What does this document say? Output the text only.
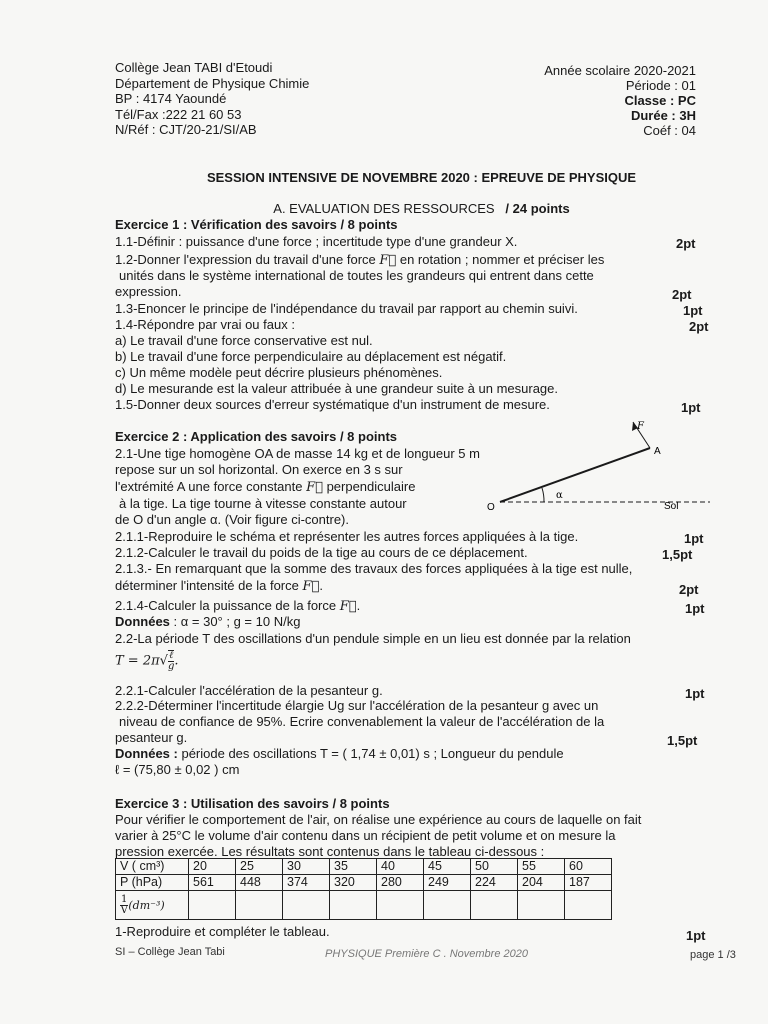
Collège Jean TABI d'Etoudi
Département de Physique Chimie
BP : 4174 Yaoundé
Tél/Fax :222 21 60 53
N/Réf : CJT/20-21/SI/AB
Année scolaire 2020-2021
Période : 01
Classe : PC
Durée : 3H
Coéf : 04
SESSION INTENSIVE DE NOVEMBRE 2020 : EPREUVE DE PHYSIQUE
A. EVALUATION DES RESSOURCES / 24 points
Exercice 1 : Vérification des savoirs / 8 points
1.1-Définir : puissance d'une force ; incertitude type d'une grandeur X.	2pt
1.2-Donner l'expression du travail d'une force F⃗ en rotation ; nommer et préciser les
unités dans le système international de toutes les grandeurs qui entrent dans cette
expression.	2pt
1.3-Enoncer le principe de l'indépendance du travail par rapport au chemin suivi.	1pt
1.4-Répondre par vrai ou faux :	2pt
a) Le travail d'une force conservative est nul.
b) Le travail d'une force perpendiculaire au déplacement est négatif.
c) Un même modèle peut décrire plusieurs phénomènes.
d) Le mesurande est la valeur attribuée à une grandeur suite à un mesurage.
1.5-Donner deux sources d'erreur systématique d'un instrument de mesure.	1pt
Exercice 2 : Application des savoirs / 8 points
2.1-Une tige homogène OA de masse 14 kg et de longueur 5 m
repose sur un sol horizontal. On exerce en 3 s sur
l'extrémité A une force constante F⃗ perpendiculaire
à la tige. La tige tourne à vitesse constante autour
de O d'un angle α. (Voir figure ci-contre).
A
O
α
Sol
F
2.1.1-Reproduire le schéma et représenter les autres forces appliquées à la tige.	1pt
2.1.2-Calculer le travail du poids de la tige au cours de ce déplacement.	1,5pt
2.1.3.- En remarquant que la somme des travaux des forces appliquées à la tige est nulle,
déterminer l'intensité de la force F⃗.	2pt
2.1.4-Calculer la puissance de la force F⃗.	1pt
Données : α = 30° ; g = 10 N/kg
2.2-La période T des oscillations d'un pendule simple en un lieu est donnée par la relation
$T = 2\pi√ \frac{\text{ℓ}}{g}$ .
2.2.1-Calculer l'accélération de la pesanteur g.	1pt
2.2.2-Déterminer l'incertitude élargie Ug sur l'accélération de la pesanteur g avec un
niveau de confiance de 95%. Ecrire convenablement la valeur de l'accélération de la
pesanteur g.	1,5pt
Données : période des oscillations T = ( 1,74 ± 0,01) s ; Longueur du pendule
ℓ = (75,80 ± 0,02 ) cm
Exercice 3 : Utilisation des savoirs / 8 points
Pour vérifier le comportement de l'air, on réalise une expérience au cours de laquelle on fait
varier à 25°C le volume d'air contenu dans un récipient de petit volume et on mesure la
pression exercée. Les résultats sont contenus dans le tableau ci-dessous :
V ( cm³)	20	25	30	35	40	45	50	55	60
P (hPa)	561	448	374	320	280	249	224	204	187

$\frac{1}{V} (dm^{-3})$									
1-Reproduire et compléter le tableau.	1pt
SI – Collège Jean Tabi	PHYSIQUE Première C . Novembre 2020	page 1 /3
